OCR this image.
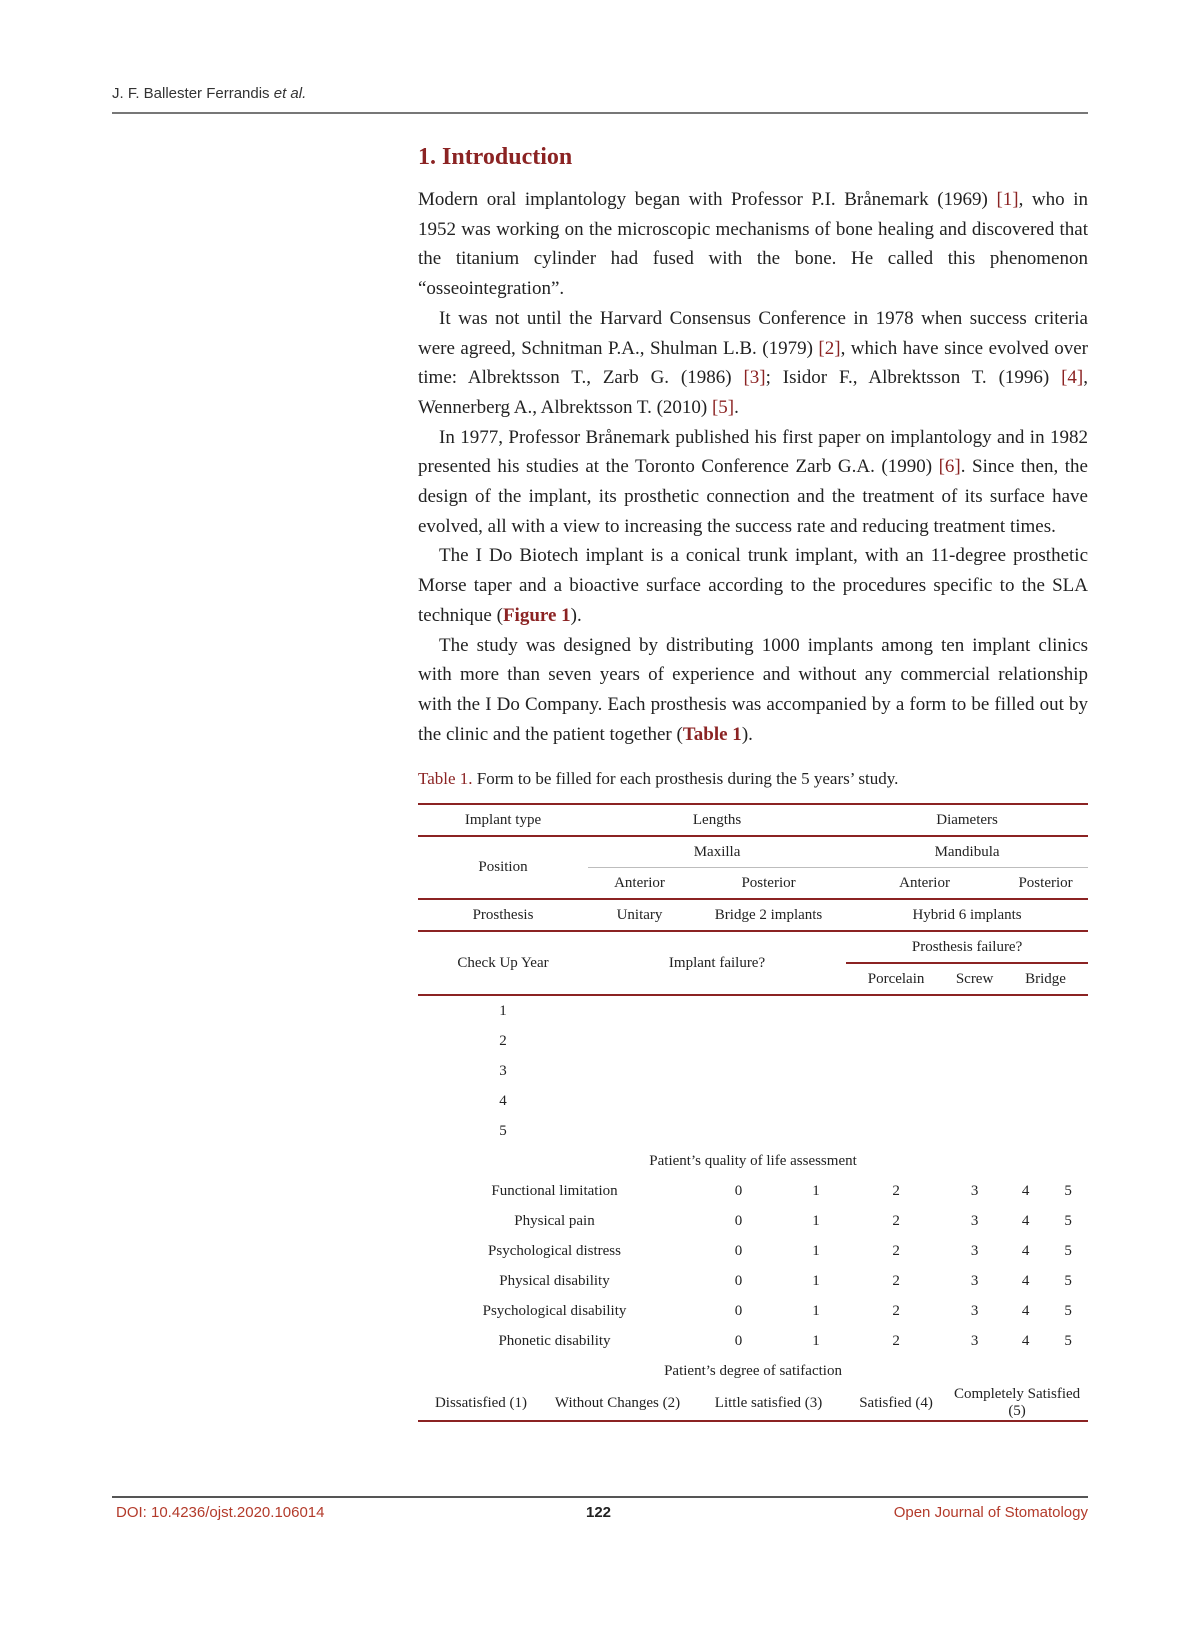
J. F. Ballester Ferrandis et al.
1. Introduction

Modern oral implantology began with Professor P.I. Brånemark (1969) [1], who in 1952 was working on the microscopic mechanisms of bone healing and discovered that the titanium cylinder had fused with the bone. He called this phenomenon “osseointegration”.

It was not until the Harvard Consensus Conference in 1978 when success criteria were agreed, Schnitman P.A., Shulman L.B. (1979) [2], which have since evolved over time: Albrektsson T., Zarb G. (1986) [3]; Isidor F., Albrektsson T. (1996) [4], Wennerberg A., Albrektsson T. (2010) [5].

In 1977, Professor Brånemark published his first paper on implantology and in 1982 presented his studies at the Toronto Conference Zarb G.A. (1990) [6]. Since then, the design of the implant, its prosthetic connection and the treatment of its surface have evolved, all with a view to increasing the success rate and reducing treatment times.

The I Do Biotech implant is a conical trunk implant, with an 11-degree prosthetic Morse taper and a bioactive surface according to the procedures specific to the SLA technique (Figure 1).

The study was designed by distributing 1000 implants among ten implant clinics with more than seven years of experience and without any commercial relationship with the I Do Company. Each prosthesis was accompanied by a form to be filled out by the clinic and the patient together (Table 1).

Table 1. Form to be filled for each prosthesis during the 5 years’ study.
Implant type		Lengths			Diameters			
Position		Maxilla			Mandibula			
		Anterior	Posterior		Anterior		Posterior	
Prosthesis		Unitary	Bridge 2 implants		Hybrid 6 implants			
Check Up Year		Implant failure?			Prosthesis failure?			
					Porcelain	Screw	Bridge	
1								
2								
3								
4								
5								
Patient’s quality of life assessment								
Functional limitation			0	1	2	3	4	5
Physical pain			0	1	2	3	4	5
Psychological distress			0	1	2	3	4	5
Physical disability			0	1	2	3	4	5
Psychological disability			0	1	2	3	4	5
Phonetic disability			0	1	2	3	4	5
Patient’s degree of satifaction								
Dissatisfied (1)	Without Changes (2)		Little satisfied (3)		Satisfied (4)	Completely Satisfied (5)		
DOI: 10.4236/ojst.2020.106014	122	Open Journal of Stomatology
